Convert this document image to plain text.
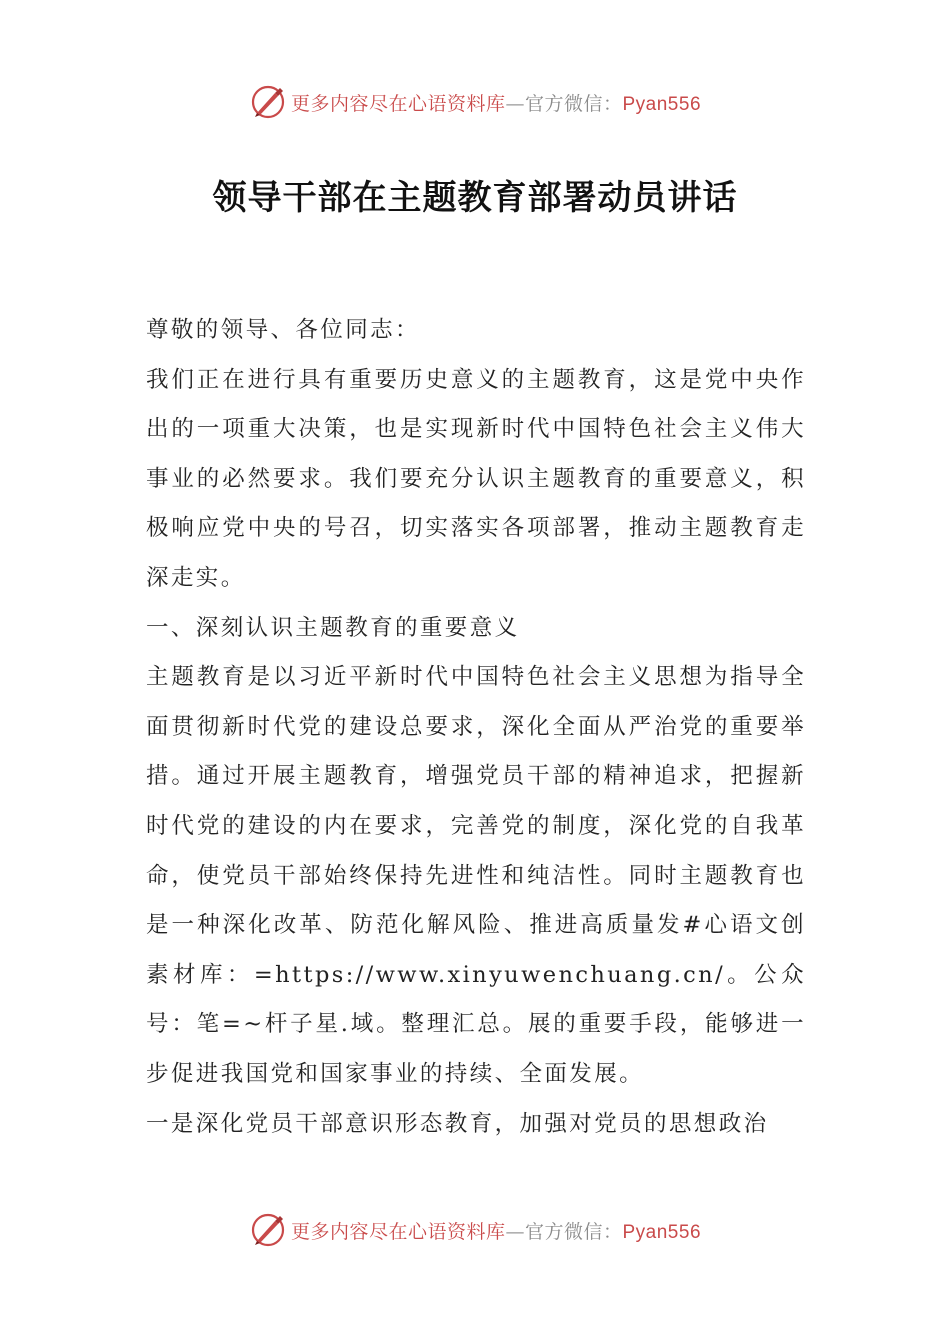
更多内容尽在心语资料库—官方微信：Pyan556
领导干部在主题教育部署动员讲话

尊敬的领导、各位同志：

我们正在进行具有重要历史意义的主题教育，这是党中央作出的一项重大决策，也是实现新时代中国特色社会主义伟大事业的必然要求。我们要充分认识主题教育的重要意义，积极响应党中央的号召，切实落实各项部署，推动主题教育走深走实。

一、深刻认识主题教育的重要意义

主题教育是以习近平新时代中国特色社会主义思想为指导全面贯彻新时代党的建设总要求，深化全面从严治党的重要举措。通过开展主题教育，增强党员干部的精神追求，把握新时代党的建设的内在要求，完善党的制度，深化党的自我革命，使党员干部始终保持先进性和纯洁性。同时主题教育也是一种深化改革、防范化解风险、推进高质量发#心语文创素材库：=https://www.xinyuwenchuang.cn/。公众号：笔=~杆子星.域。整理汇总。展的重要手段，能够进一步促进我国党和国家事业的持续、全面发展。

一是深化党员干部意识形态教育，加强对党员的思想政治

更多内容尽在心语资料库—官方微信：Pyan556
